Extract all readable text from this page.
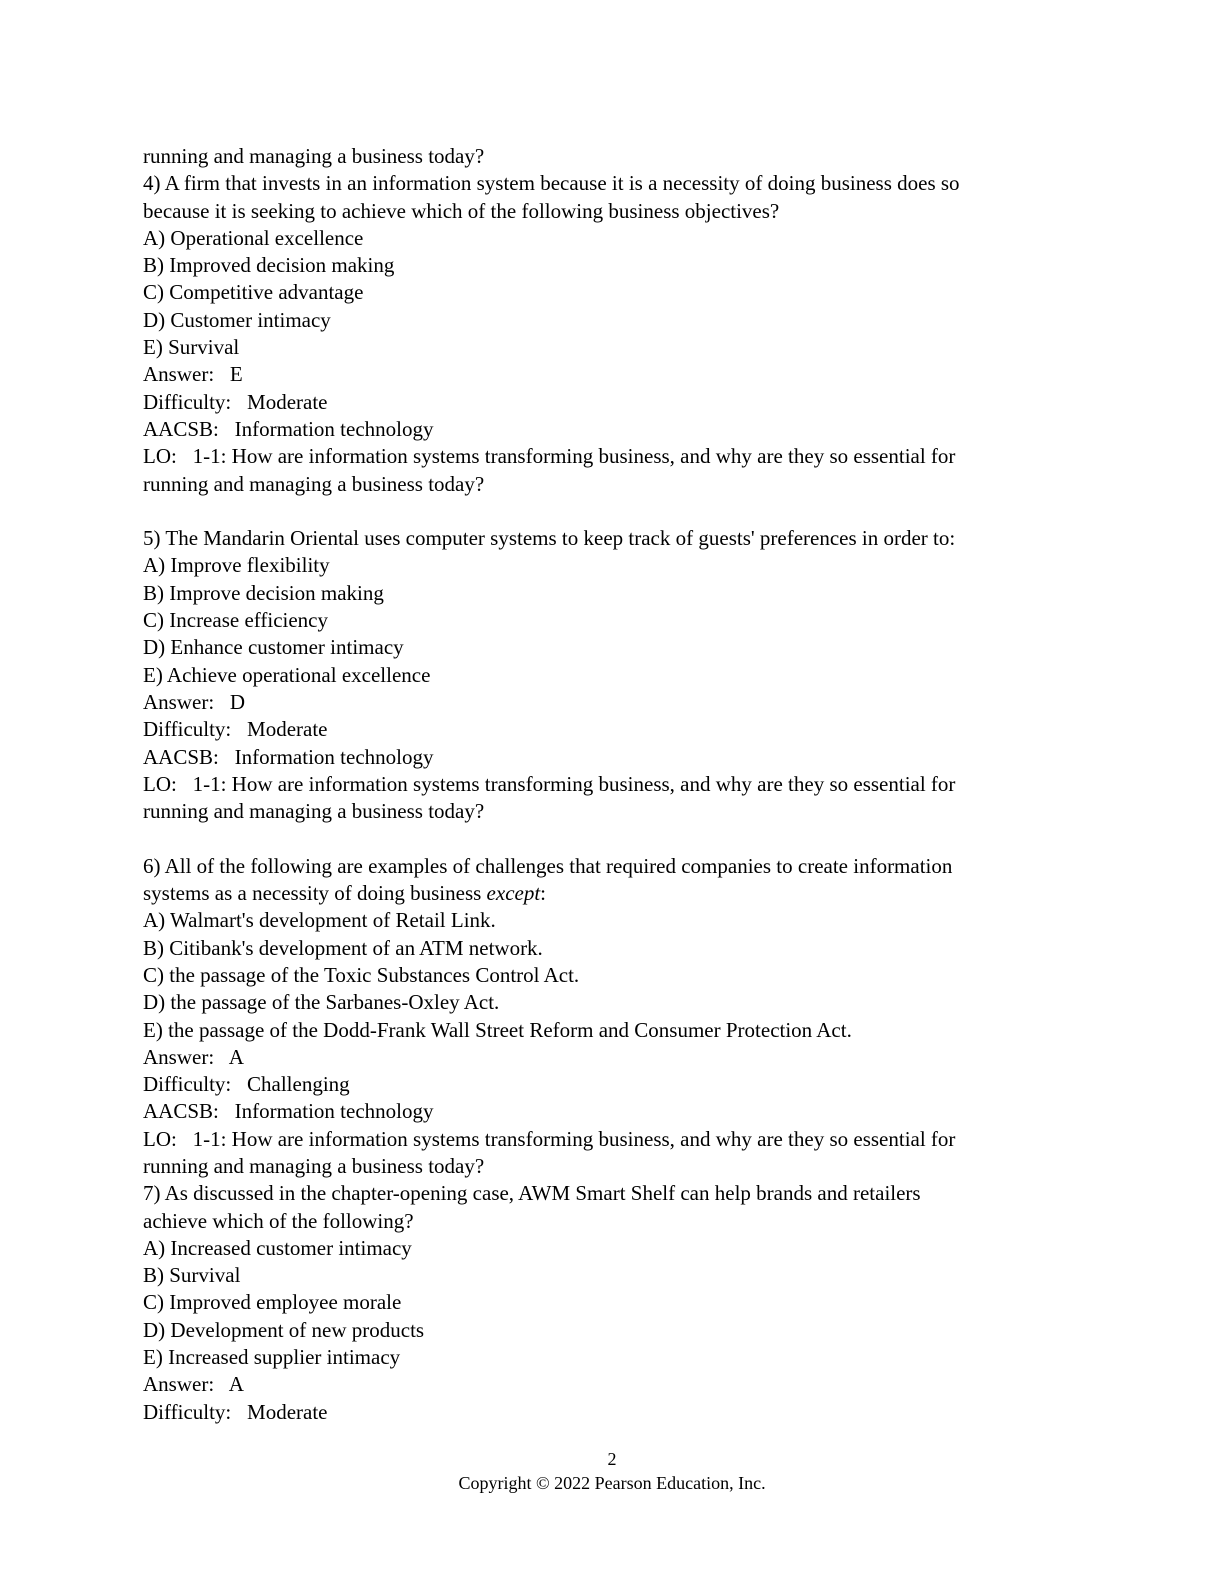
running and managing a business today?
4) A firm that invests in an information system because it is a necessity of doing business does so
because it is seeking to achieve which of the following business objectives?
A) Operational excellence
B) Improved decision making
C) Competitive advantage
D) Customer intimacy
E) Survival
Answer:   E
Difficulty:   Moderate
AACSB:   Information technology
LO:   1-1: How are information systems transforming business, and why are they so essential for
running and managing a business today?
5) The Mandarin Oriental uses computer systems to keep track of guests' preferences in order to:
A) Improve flexibility
B) Improve decision making
C) Increase efficiency
D) Enhance customer intimacy
E) Achieve operational excellence
Answer:   D
Difficulty:   Moderate
AACSB:   Information technology
LO:   1-1: How are information systems transforming business, and why are they so essential for
running and managing a business today?
6) All of the following are examples of challenges that required companies to create information
systems as a necessity of doing business except:
A) Walmart's development of Retail Link.
B) Citibank's development of an ATM network.
C) the passage of the Toxic Substances Control Act.
D) the passage of the Sarbanes-Oxley Act.
E) the passage of the Dodd-Frank Wall Street Reform and Consumer Protection Act.
Answer:   A
Difficulty:   Challenging
AACSB:   Information technology
LO:   1-1: How are information systems transforming business, and why are they so essential for
running and managing a business today?
7) As discussed in the chapter-opening case, AWM Smart Shelf can help brands and retailers
achieve which of the following?
A) Increased customer intimacy
B) Survival
C) Improved employee morale
D) Development of new products
E) Increased supplier intimacy
Answer:   A
Difficulty:   Moderate
2
Copyright © 2022 Pearson Education, Inc.
